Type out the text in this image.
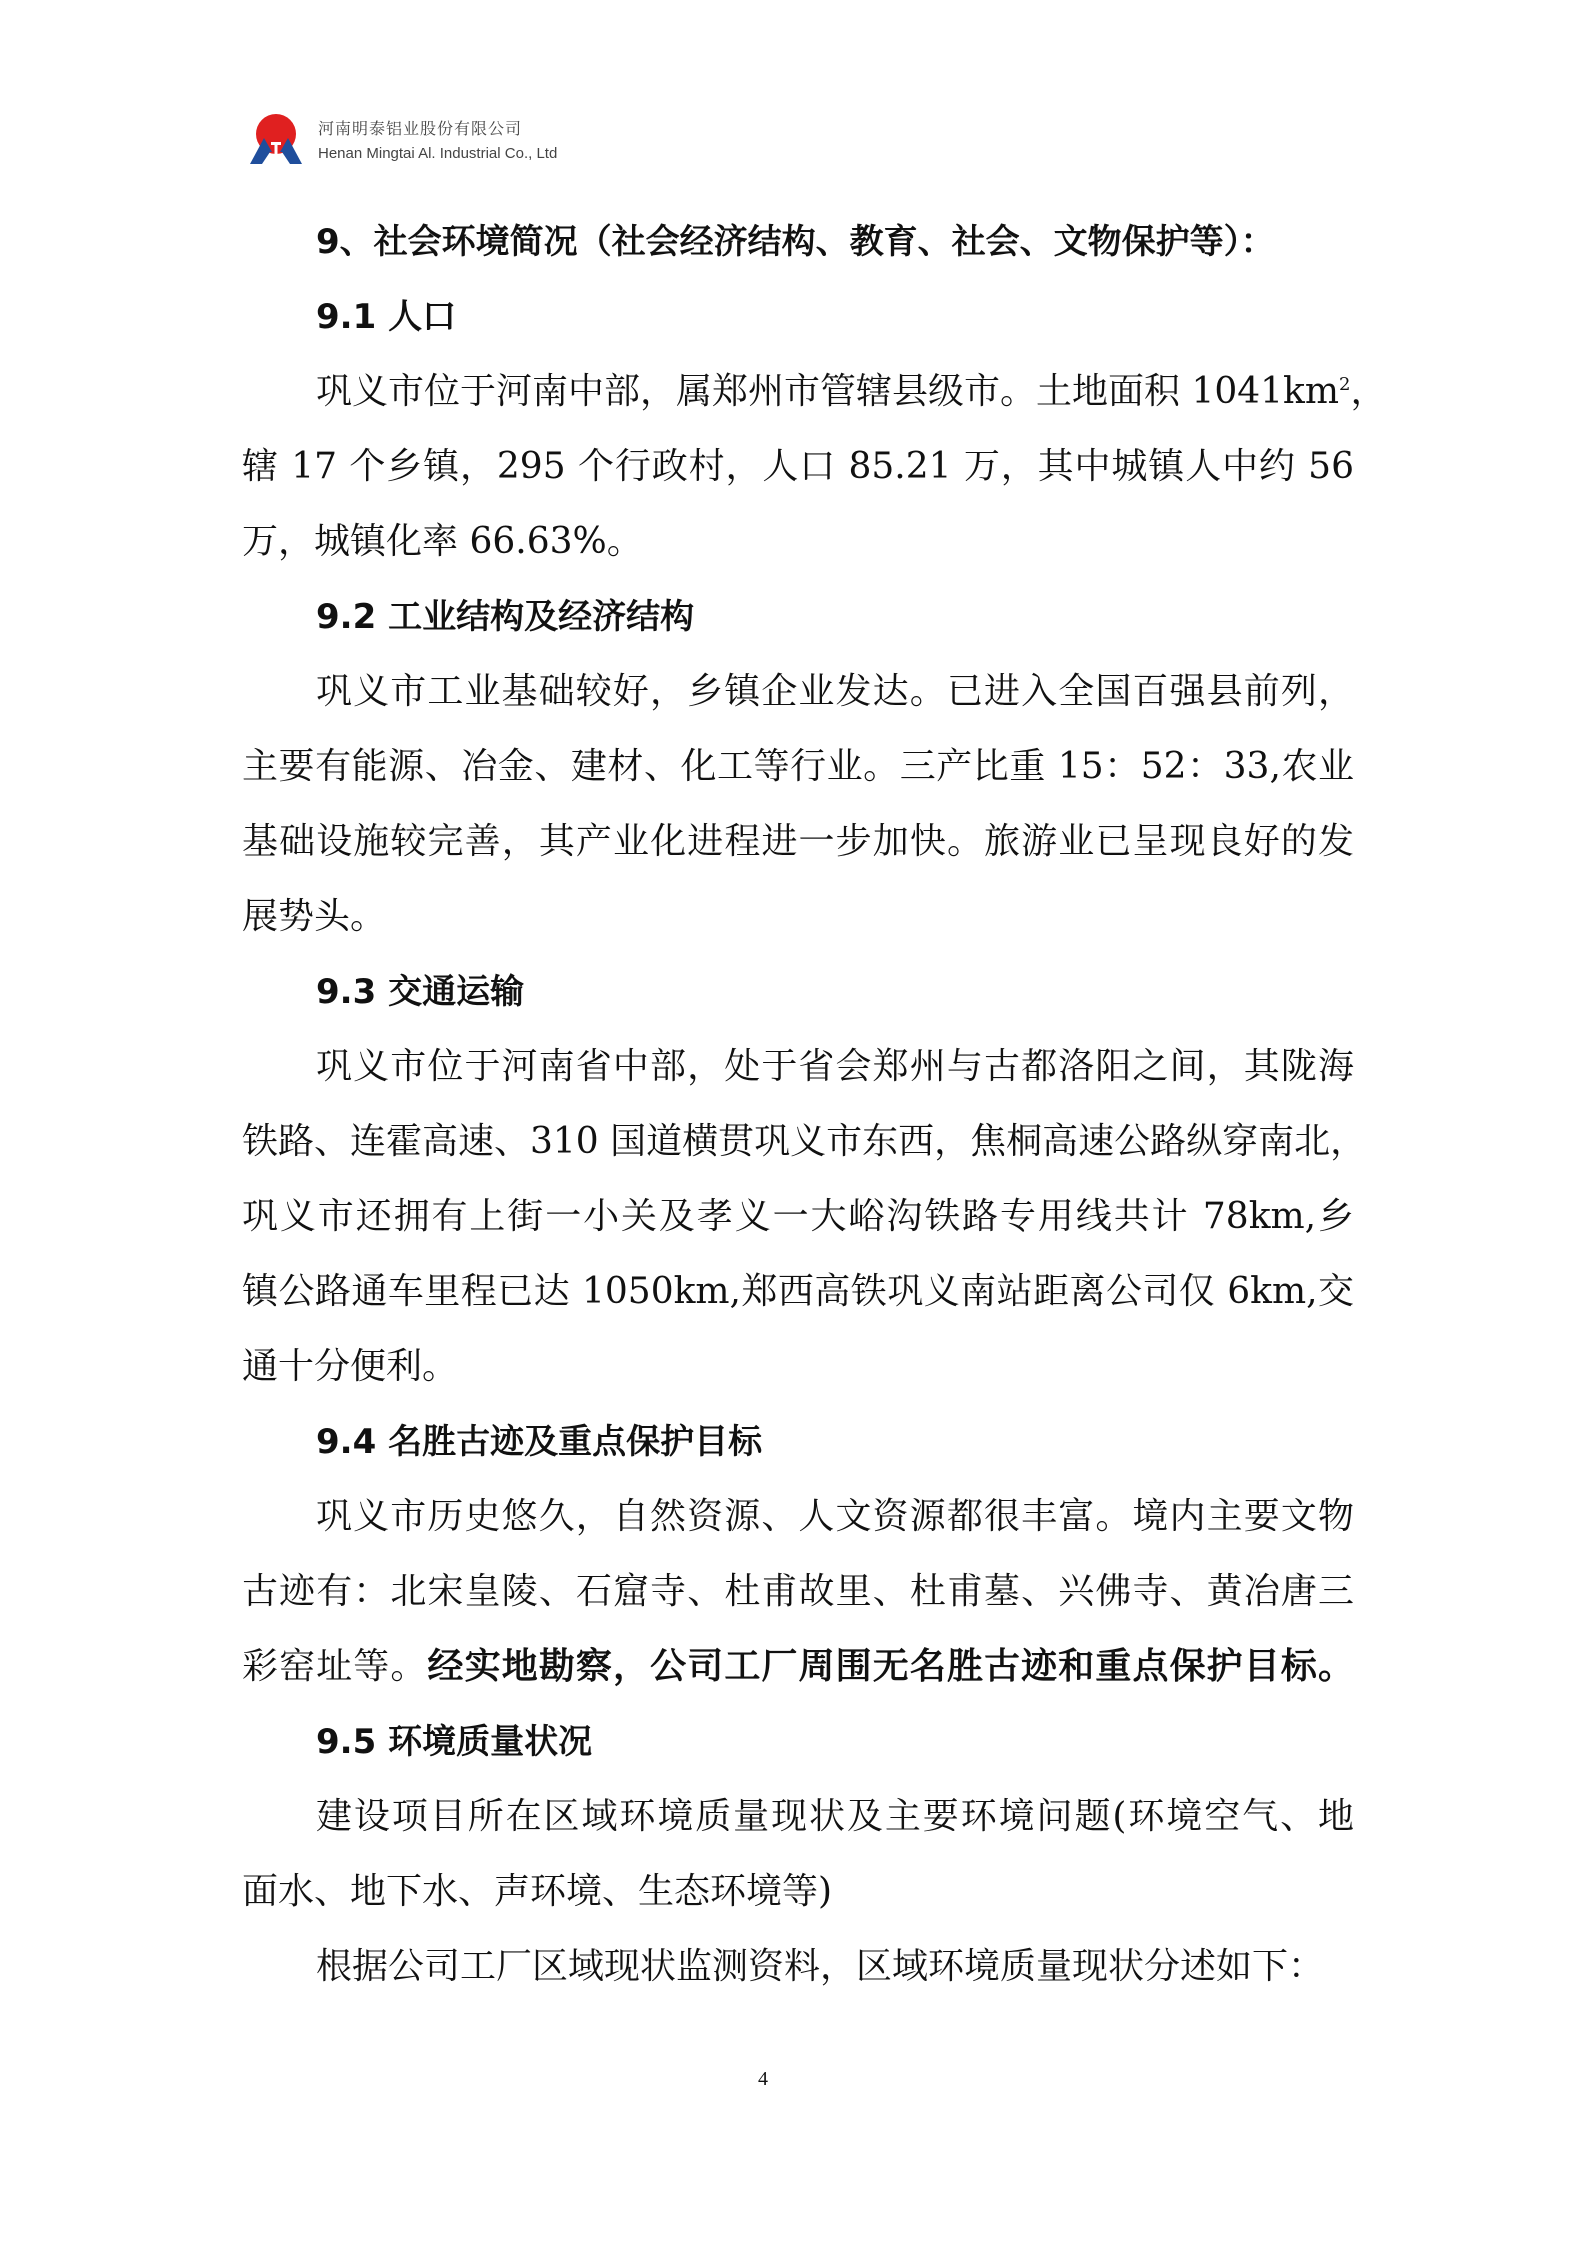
河南明泰铝业股份有限公司
Henan Mingtai Al. Industrial Co., Ltd
9、社会环境简况（社会经济结构、教育、社会、文物保护等）：
9.1 人口
巩义市位于河南中部，属郑州市管辖县级市。土地面积 $1041km^2$，
辖 17 个乡镇，295 个行政村，人口 85.21 万，其中城镇人中约 56
万，城镇化率 66.63%。
9.2 工业结构及经济结构
巩义市工业基础较好，乡镇企业发达。已进入全国百强县前列，
主要有能源、冶金、建材、化工等行业。三产比重 15：52：33,农业
基础设施较完善，其产业化进程进一步加快。旅游业已呈现良好的发
展势头。
9.3 交通运输
巩义市位于河南省中部，处于省会郑州与古都洛阳之间，其陇海
铁路、连霍高速、310 国道横贯巩义市东西，焦桐高速公路纵穿南北，
巩义市还拥有上街一小关及孝义一大峪沟铁路专用线共计 78km,乡
镇公路通车里程已达 1050km,郑西高铁巩义南站距离公司仅 6km,交
通十分便利。
9.4 名胜古迹及重点保护目标
巩义市历史悠久，自然资源、人文资源都很丰富。境内主要文物
古迹有：北宋皇陵、石窟寺、杜甫故里、杜甫墓、兴佛寺、黄冶唐三
彩窑址等。经实地勘察，公司工厂周围无名胜古迹和重点保护目标。
9.5 环境质量状况
建设项目所在区域环境质量现状及主要环境问题(环境空气、地
面水、地下水、声环境、生态环境等)
根据公司工厂区域现状监测资料，区域环境质量现状分述如下：
4
